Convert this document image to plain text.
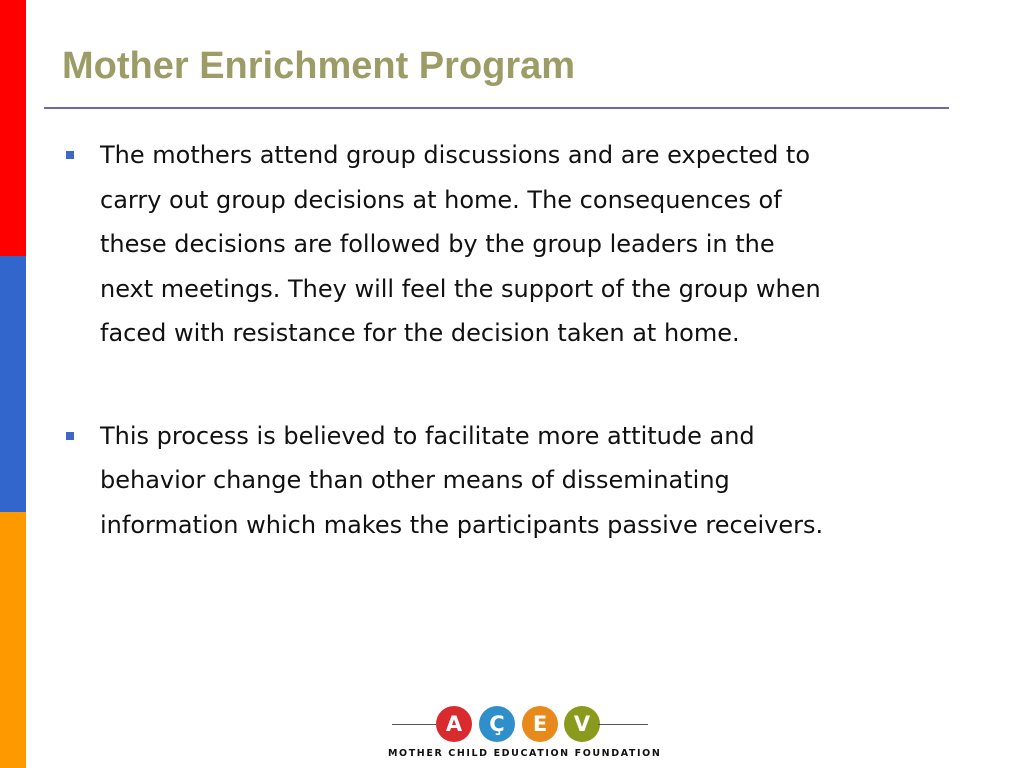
Mother Enrichment Program
The mothers attend group discussions and are expected to
carry out group decisions at home. The consequences of
these decisions are followed by the group leaders in the
next meetings. They will feel the support of the group when
faced with resistance for the decision taken at home.
This process is believed to facilitate more attitude and
behavior change than other means of disseminating
information which makes the participants passive receivers.
A	Ç	E	V
MOTHER CHILD EDUCATION FOUNDATION
